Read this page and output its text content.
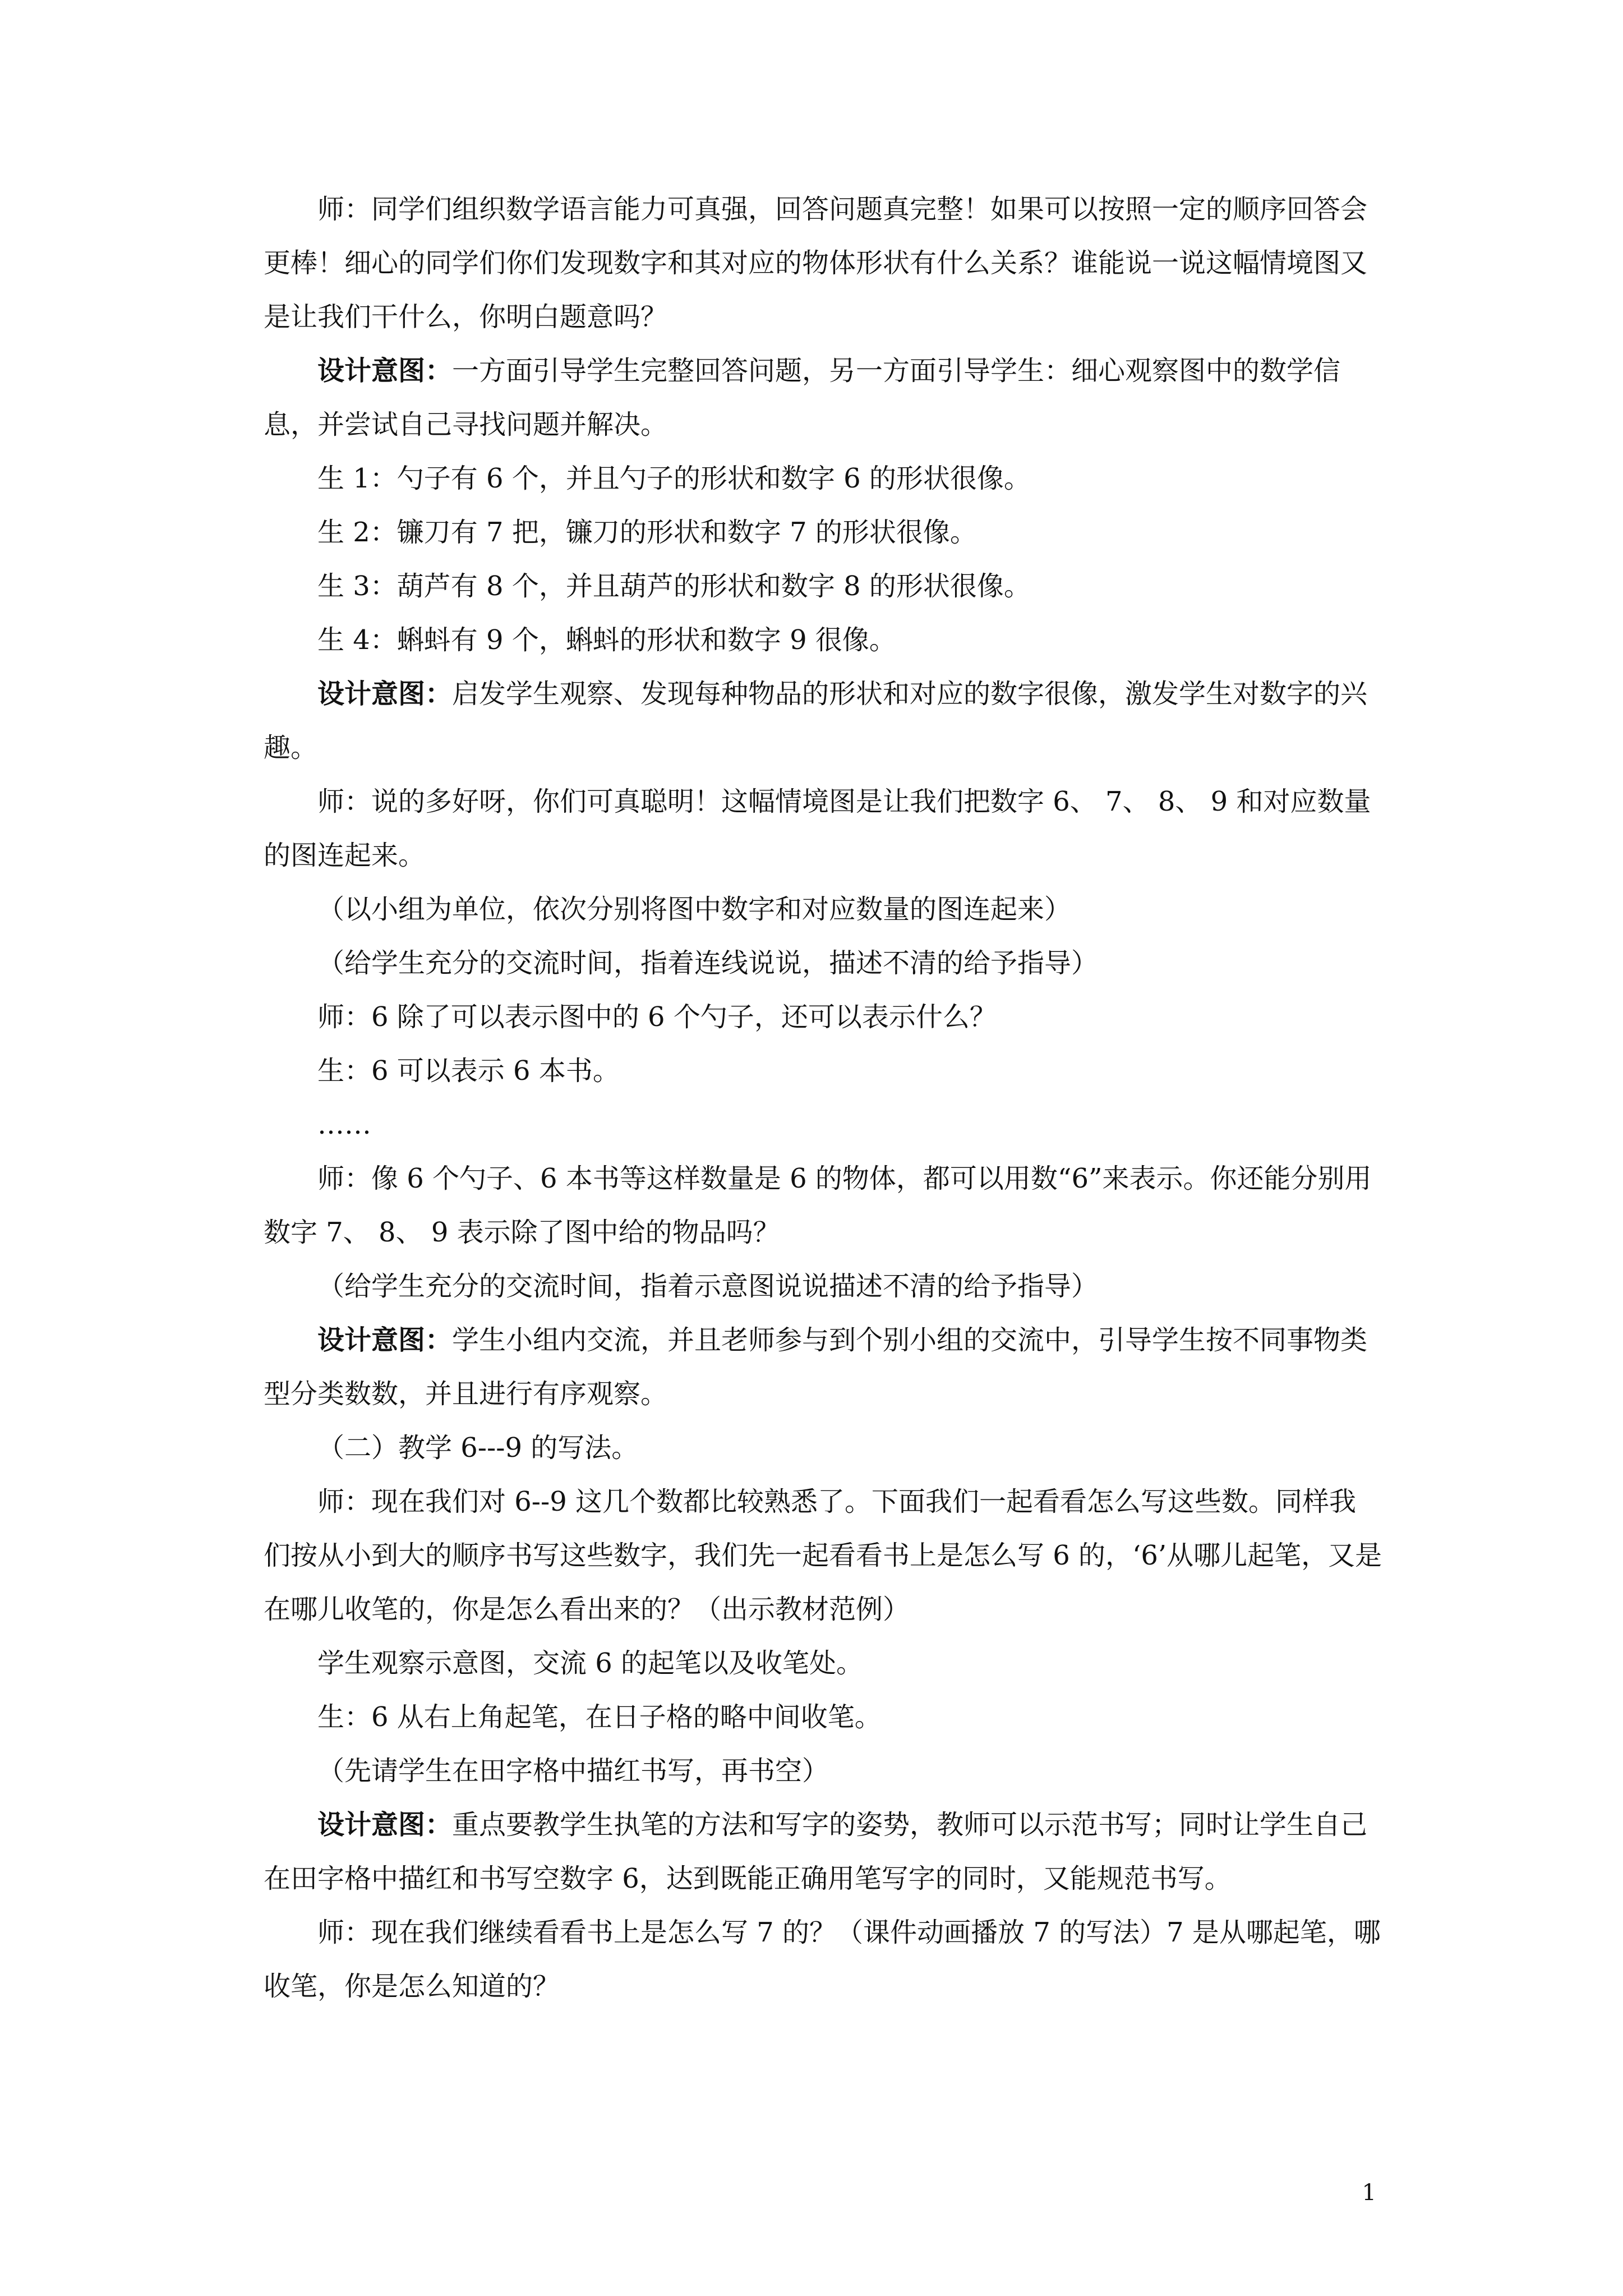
师：同学们组织数学语言能力可真强，回答问题真完整！如果可以按照一定的顺序回答会更棒！细心的同学们你们发现数字和其对应的物体形状有什么关系？谁能说一说这幅情境图又是让我们干什么，你明白题意吗？

设计意图：一方面引导学生完整回答问题，另一方面引导学生：细心观察图中的数学信息，并尝试自己寻找问题并解决。

生 1：勺子有 6 个，并且勺子的形状和数字 6 的形状很像。

生 2：镰刀有 7 把，镰刀的形状和数字 7 的形状很像。

生 3：葫芦有 8 个，并且葫芦的形状和数字 8 的形状很像。

生 4：蝌蚪有 9 个，蝌蚪的形状和数字 9 很像。

设计意图：启发学生观察、发现每种物品的形状和对应的数字很像，激发学生对数字的兴趣。

师：说的多好呀，你们可真聪明！这幅情境图是让我们把数字 6、 7、 8、 9 和对应数量的图连起来。

（以小组为单位，依次分别将图中数字和对应数量的图连起来）

（给学生充分的交流时间，指着连线说说，描述不清的给予指导）

师：6 除了可以表示图中的 6 个勺子，还可以表示什么？

生：6 可以表示 6 本书。

……

师：像 6 个勺子、6 本书等这样数量是 6 的物体，都可以用数“6”来表示。你还能分别用数字 7、 8、 9 表示除了图中给的物品吗？

（给学生充分的交流时间，指着示意图说说描述不清的给予指导）

设计意图：学生小组内交流，并且老师参与到个别小组的交流中，引导学生按不同事物类型分类数数，并且进行有序观察。

（二）教学 6---9 的写法。

师：现在我们对 6--9 这几个数都比较熟悉了。下面我们一起看看怎么写这些数。同样我们按从小到大的顺序书写这些数字，我们先一起看看书上是怎么写 6 的，‘6’从哪儿起笔，又是在哪儿收笔的，你是怎么看出来的？（出示教材范例）

学生观察示意图，交流 6 的起笔以及收笔处。

生：6 从右上角起笔，在日子格的略中间收笔。

（先请学生在田字格中描红书写，再书空）

设计意图：重点要教学生执笔的方法和写字的姿势，教师可以示范书写；同时让学生自己在田字格中描红和书写空数字 6，达到既能正确用笔写字的同时，又能规范书写。

师：现在我们继续看看书上是怎么写 7 的？（课件动画播放 7 的写法）7 是从哪起笔，哪收笔，你是怎么知道的？

1
